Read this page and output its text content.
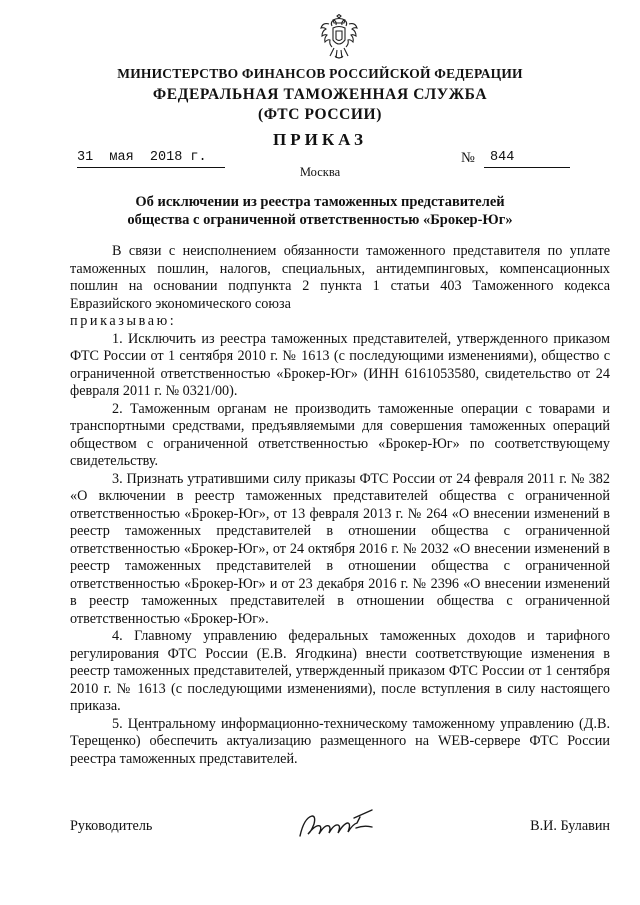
МИНИСТЕРСТВО ФИНАНСОВ РОССИЙСКОЙ ФЕДЕРАЦИИ
ФЕДЕРАЛЬНАЯ ТАМОЖЕННАЯ СЛУЖБА
(ФТС РОССИИ)
ПРИКАЗ
31  мая  2018 г.	№	844
Москва
Об исключении из реестра таможенных представителей
общества с ограниченной ответственностью «Брокер-Юг»

В связи с неисполнением обязанности таможенного представителя по уплате таможенных пошлин, налогов, специальных, антидемпинговых, компенсационных пошлин на основании подпункта 2 пункта 1 статьи 403 Таможенного кодекса Евразийского экономического союза

приказываю:

1. Исключить из реестра таможенных представителей, утвержденного приказом ФТС России от 1 сентября 2010 г. № 1613 (с последующими изменениями), общество с ограниченной ответственностью «Брокер-Юг» (ИНН 6161053580, свидетельство от 24 февраля 2011 г. № 0321/00).

2. Таможенным органам не производить таможенные операции с товарами и транспортными средствами, предъявляемыми для совершения таможенных операций обществом с ограниченной ответственностью «Брокер-Юг» по соответствующему свидетельству.

3. Признать утратившими силу приказы ФТС России от 24 февраля 2011 г. № 382 «О включении в реестр таможенных представителей общества с ограниченной ответственностью «Брокер-Юг», от 13 февраля 2013 г. № 264 «О внесении изменений в реестр таможенных представителей в отношении общества с ограниченной ответственностью «Брокер-Юг», от 24 октября 2016 г. № 2032 «О внесении изменений в реестр таможенных представителей в отношении общества с ограниченной ответственностью «Брокер-Юг» и от 23 декабря 2016 г. № 2396 «О внесении изменений в реестр таможенных представителей в отношении общества с ограниченной ответственностью «Брокер-Юг».

4. Главному управлению федеральных таможенных доходов и тарифного регулирования ФТС России (Е.В. Ягодкина) внести соответствующие изменения в реестр таможенных представителей, утвержденный приказом ФТС России от 1 сентября 2010 г. № 1613 (с последующими изменениями), после вступления в силу настоящего приказа.

5. Центральному информационно-техническому таможенному управлению (Д.В. Терещенко) обеспечить актуализацию размещенного на WEB-сервере ФТС России реестра таможенных представителей.

Руководитель	В.И. Булавин
